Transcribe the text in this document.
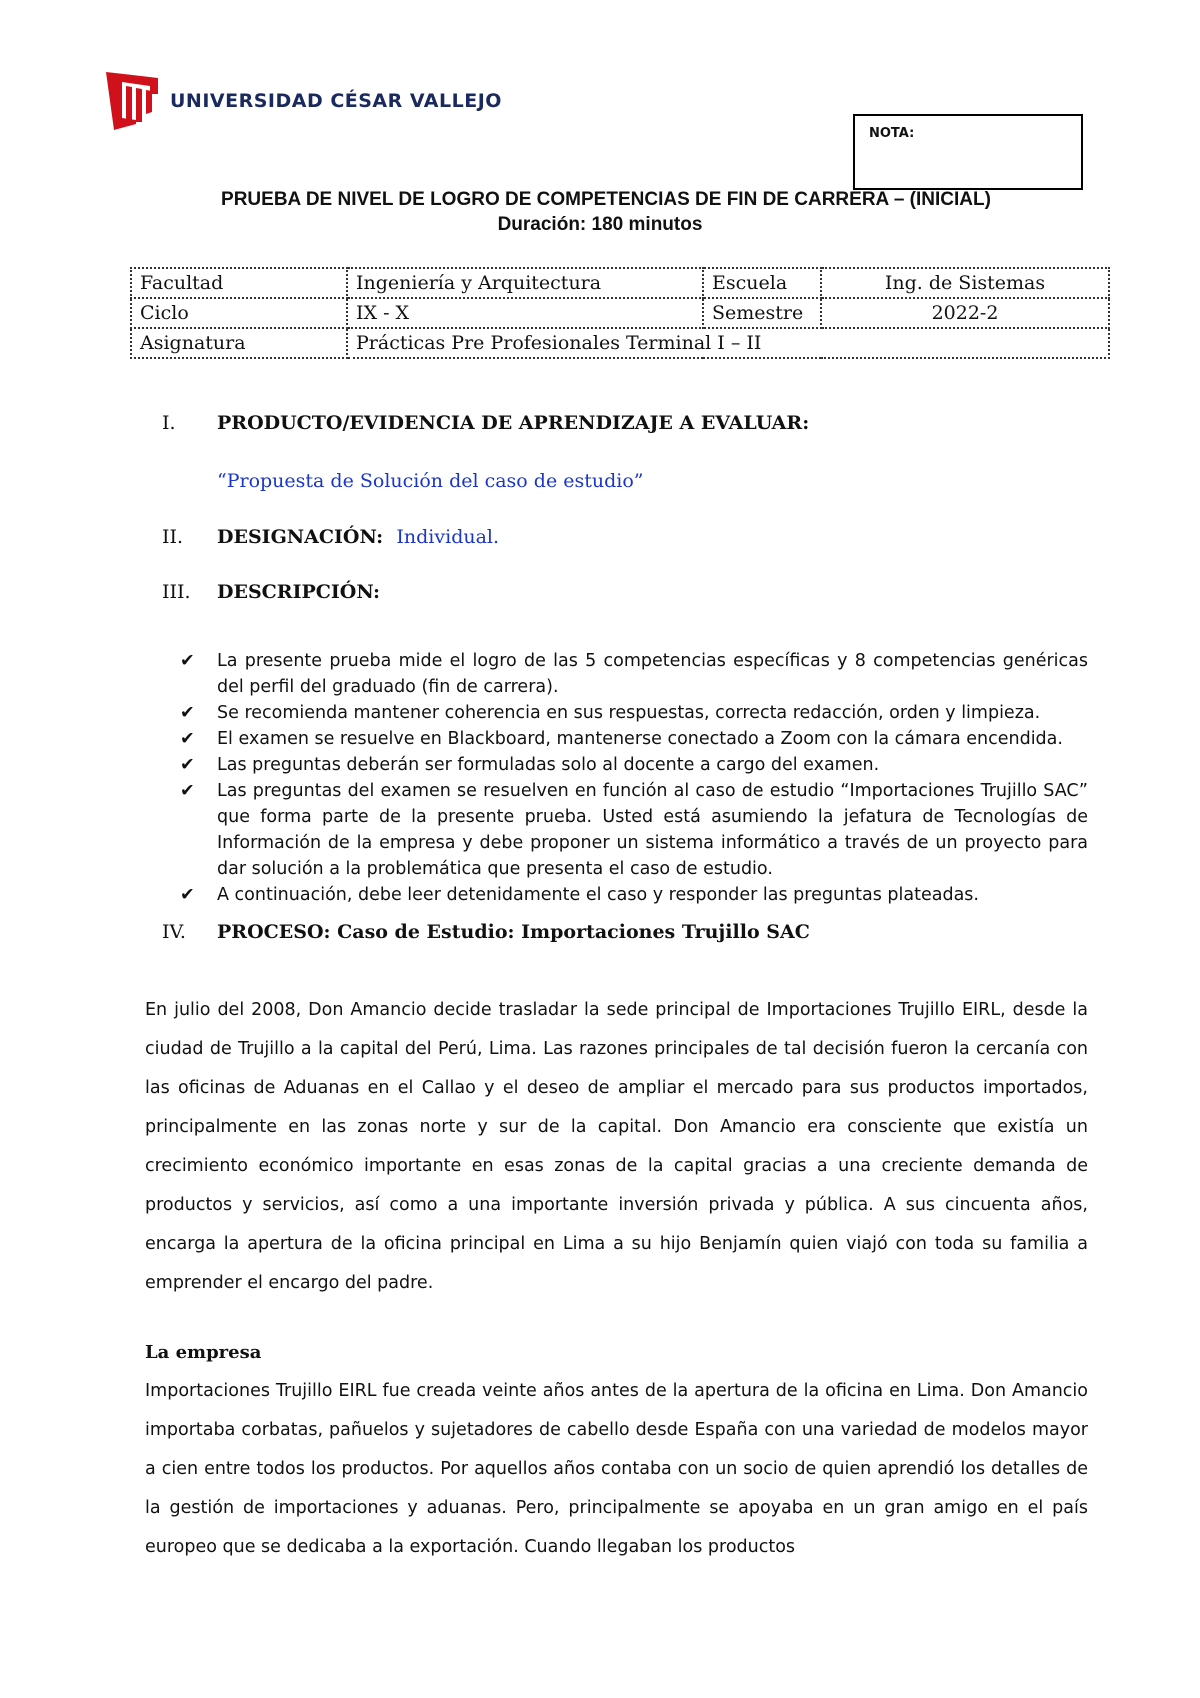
UNIVERSIDAD CÉSAR VALLEJO
NOTA:
PRUEBA DE NIVEL DE LOGRO DE COMPETENCIAS DE FIN DE CARRERA – (INICIAL)
Duración: 180 minutos
Facultad	Ingeniería y Arquitectura	Escuela	Ing. de Sistemas
Ciclo	IX - X	Semestre	2022-2
Asignatura	Prácticas Pre Profesionales Terminal I – II		
I. PRODUCTO/EVIDENCIA DE APRENDIZAJE A EVALUAR:
“Propuesta de Solución del caso de estudio”
II. DESIGNACIÓN: Individual.
III. DESCRIPCIÓN:
✔ La presente prueba mide el logro de las 5 competencias específicas y 8 competencias genéricas del perfil del graduado (fin de carrera).
✔ Se recomienda mantener coherencia en sus respuestas, correcta redacción, orden y limpieza.
✔ El examen se resuelve en Blackboard, mantenerse conectado a Zoom con la cámara encendida.
✔ Las preguntas deberán ser formuladas solo al docente a cargo del examen.
✔ Las preguntas del examen se resuelven en función al caso de estudio “Importaciones Trujillo SAC” que forma parte de la presente prueba. Usted está asumiendo la jefatura de Tecnologías de Información de la empresa y debe proponer un sistema informático a través de un proyecto para dar solución a la problemática que presenta el caso de estudio.
✔ A continuación, debe leer detenidamente el caso y responder las preguntas plateadas.
IV. PROCESO: Caso de Estudio: Importaciones Trujillo SAC
En julio del 2008, Don Amancio decide trasladar la sede principal de Importaciones Trujillo EIRL, desde la ciudad de Trujillo a la capital del Perú, Lima. Las razones principales de tal decisión fueron la cercanía con las oficinas de Aduanas en el Callao y el deseo de ampliar el mercado para sus productos importados, principalmente en las zonas norte y sur de la capital. Don Amancio era consciente que existía un crecimiento económico importante en esas zonas de la capital gracias a una creciente demanda de productos y servicios, así como a una importante inversión privada y pública. A sus cincuenta años, encarga la apertura de la oficina principal en Lima a su hijo Benjamín quien viajó con toda su familia a emprender el encargo del padre.
La empresa
Importaciones Trujillo EIRL fue creada veinte años antes de la apertura de la oficina en Lima. Don Amancio importaba corbatas, pañuelos y sujetadores de cabello desde España con una variedad de modelos mayor a cien entre todos los productos. Por aquellos años contaba con un socio de quien aprendió los detalles de la gestión de importaciones y aduanas. Pero, principalmente se apoyaba en un gran amigo en el país europeo que se dedicaba a la exportación. Cuando llegaban los productos
